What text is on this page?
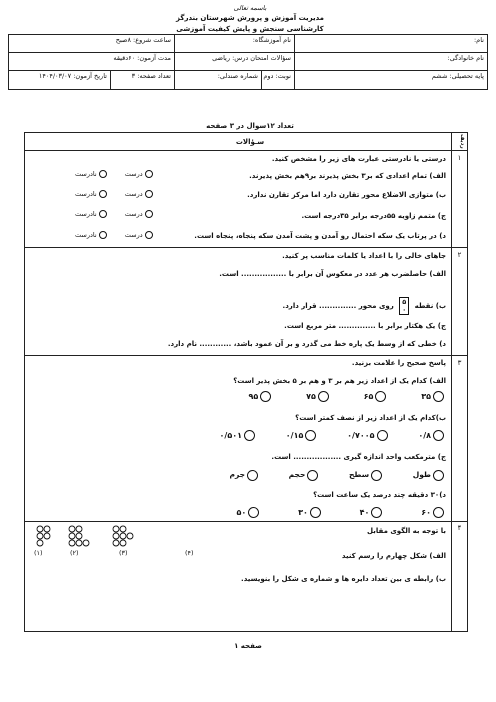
باسمه تعالی
مدیریت آموزش و پرورش شهرستان بندرگز
کارشناسی سنجش و پایش کیفیت آموزشی
نام:
نام آموزشگاه:
ساعت شروع: ۸صبح
نام خانوادگی:
سؤالات امتحان درس: ریاضی
مدت آزمون: ۶۰دقیقه
پایه تحصیلی: ششم
نوبت: دوم
شماره صندلی:
تعداد صفحه: ۳
تاریخ آزمون: ۱۴۰۴/۰۳/۰۷
تعداد ۱۲سوال در ۳ صفحه
ردیف
سـؤالات
۱
درستی یا نادرستی عبارت های زیر را مشخص کنید.
الف) تمام اعدادی که بر۳ بخش پذیرند بر۹هم بخش پذیرند.
ب) متوازی الاضلاع محور تقارن دارد اما مرکز تقارن ندارد.
ج) متمم زاویه ۵۵درجه برابر ۳۵درجه است.
د) در پرتاب یک سکه احتمال رو آمدن و پشت آمدن سکه پنجاه، پنجاه است.
درست نادرست
درست نادرست
درست نادرست
درست نادرست
۲
جاهای خالی را با اعداد یا کلمات مناسب پر کنید.
الف) حاصلضرب هر عدد در معکوس آن برابر با ................. است.
ب) نقطه
۵
۰
روی محور .............. قرار دارد.
ج) یک هکتار برابر با .............. متر مربع است.
د) خطی که از وسط یک پاره خط می گذرد و بر آن عمود باشد، ............ نام دارد.
۳
پاسخ صحیح را علامت بزنید.
الف) کدام یک از اعداد زیر هم بر ۳ و هم بر ۵ بخش پذیر است؟
۳۵ ۶۵ ۷۵ ۹۵
ب)کدام یک از اعداد زیر از نصف کمتر است؟
۰/۸ ۰/۷۰۰۵ ۰/۱۵ ۰/۵۰۱
ج) مترمکعب واحد اندازه گیری .................. است.
طول سطح حجم جرم
د)۳۰ دقیقه چند درصد یک ساعت است؟
۶۰ ۴۰ ۳۰ ۵۰
۴
با توجه به الگوی مقابل
الف) شکل چهارم را رسم کنید
ب) رابطه ی بین تعداد دایره ها و شماره ی شکل را بنویسید.
(۱)	(۲)	(۳)	(۴)
صفحه ۱
